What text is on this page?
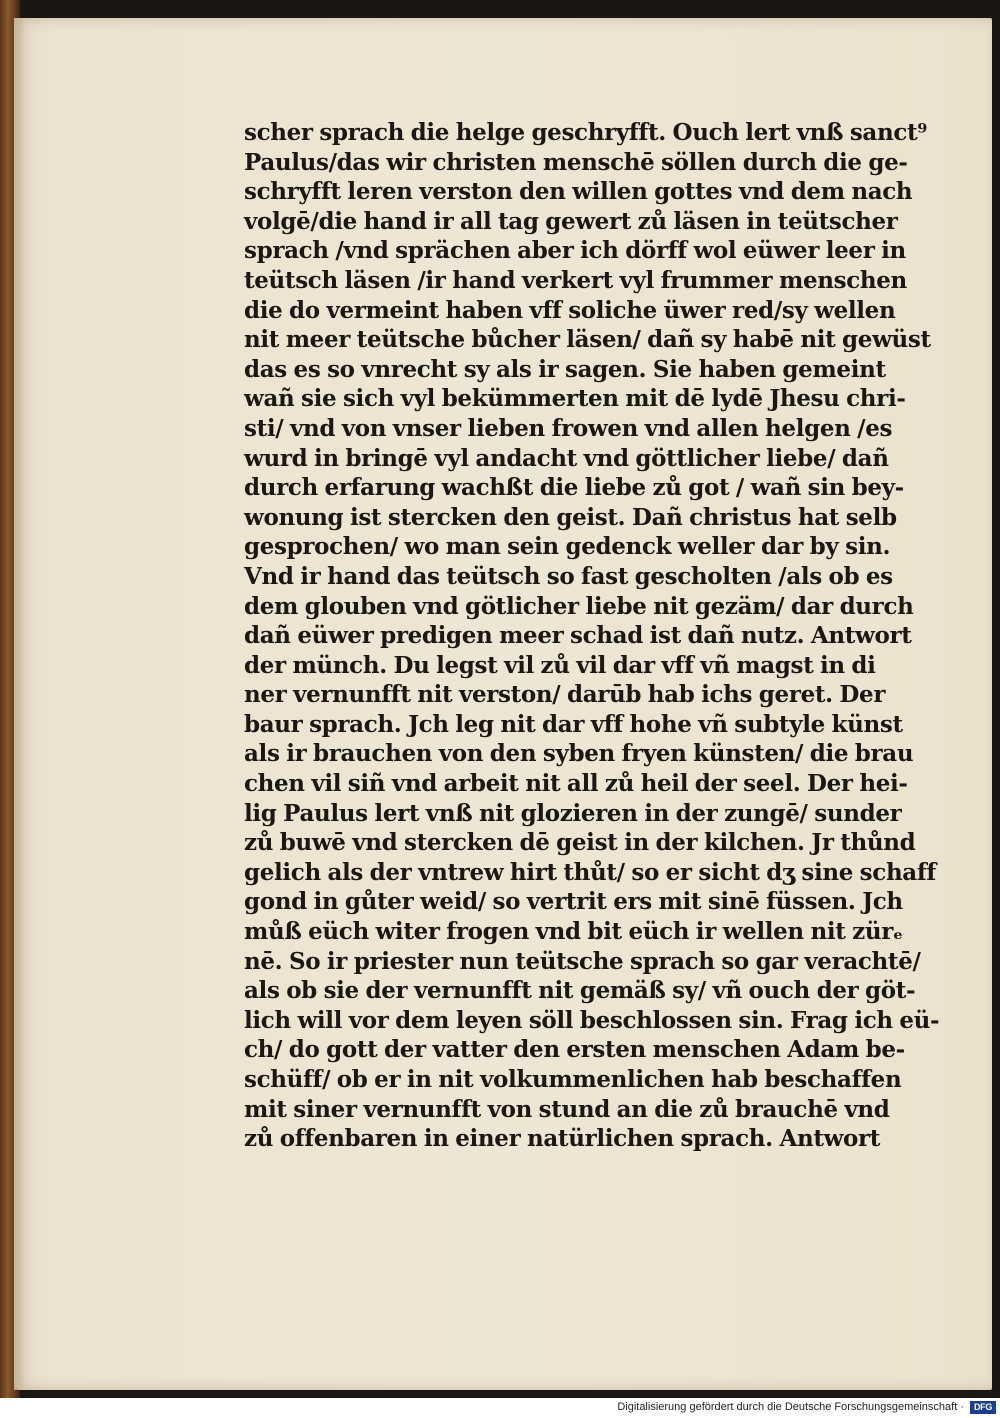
scher sprach die helge geschryfft. Ouch lert vnß sanct⁹
Paulus/das wir christen menschē söllen durch die ge-
schryfft leren verston den willen gottes vnd dem nach
volgē/die hand ir all tag gewert zů läsen in teütscher
sprach /vnd sprächen aber ich dörff wol eüwer leer in
teütsch läsen /ir hand verkert vyl frummer menschen
die do vermeint haben vff soliche üwer red/sy wellen
nit meer teütsche bůcher läsen/ dañ sy habē nit gewüst
das es so vnrecht sy als ir sagen. Sie haben gemeint
wañ sie sich vyl bekümmerten mit dē lydē Jhesu chri-
sti/ vnd von vnser lieben frowen vnd allen helgen /es
wurd in bringē vyl andacht vnd göttlicher liebe/ dañ
durch erfarung wachßt die liebe zů got / wañ sin bey-
wonung ist stercken den geist. Dañ christus hat selb
gesprochen/ wo man sein gedenck weller dar by sin.
Vnd ir hand das teütsch so fast gescholten /als ob es
dem glouben vnd götlicher liebe nit gezäm/ dar durch
dañ eüwer predigen meer schad ist dañ nutz. Antwort
der münch. Du legst vil zů vil dar vff vñ magst in di
ner vernunfft nit verston/ darūb hab ichs geret. Der
baur sprach. Jch leg nit dar vff hohe vñ subtyle künst
als ir brauchen von den syben fryen künsten/ die brau
chen vil siñ vnd arbeit nit all zů heil der seel. Der hei-
lig Paulus lert vnß nit glozieren in der zungē/ sunder
zů buwē vnd stercken dē geist in der kilchen. Jr thůnd
gelich als der vntrew hirt thůt/ so er sicht dʒ sine schaff
gond in gůter weid/ so vertrit ers mit sinē füssen. Jch
můß eüch witer frogen vnd bit eüch ir wellen nit zürₑ
nē. So ir priester nun teütsche sprach so gar verachtē/
als ob sie der vernunfft nit gemäß sy/ vñ ouch der göt-
lich will vor dem leyen söll beschlossen sin. Frag ich eü-
ch/ do gott der vatter den ersten menschen Adam be-
schüff/ ob er in nit volkummenlichen hab beschaffen
mit siner vernunfft von stund an die zů brauchē vnd
zů offenbaren in einer natürlichen sprach. Antwort
Digitalisierung gefördert durch die Deutsche Forschungsgemeinschaft ·	DFG
